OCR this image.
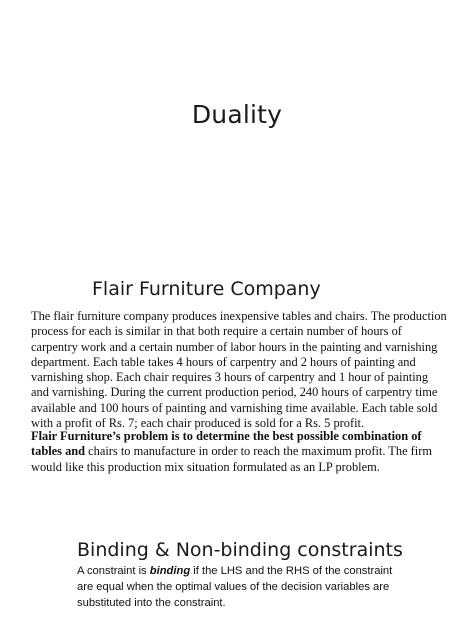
Duality
Flair Furniture Company

The flair furniture company produces inexpensive tables and chairs. The production process for each is similar in that both require a certain number of hours of carpentry work and a certain number of labor hours in the painting and varnishing department. Each table takes 4 hours of carpentry and 2 hours of painting and varnishing shop. Each chair requires 3 hours of carpentry and 1 hour of painting and varnishing. During the current production period, 240 hours of carpentry time available and 100 hours of painting and varnishing time available. Each table sold with a profit of Rs. 7; each chair produced is sold for a Rs. 5 profit.

Flair Furniture’s problem is to determine the best possible combination of tables and chairs to manufacture in order to reach the maximum profit. The firm would like this production mix situation formulated as an LP problem.

Binding & Non-binding constraints

A constraint is binding if the LHS and the RHS of the constraint are equal when the optimal values of the decision variables are substituted into the constraint.
